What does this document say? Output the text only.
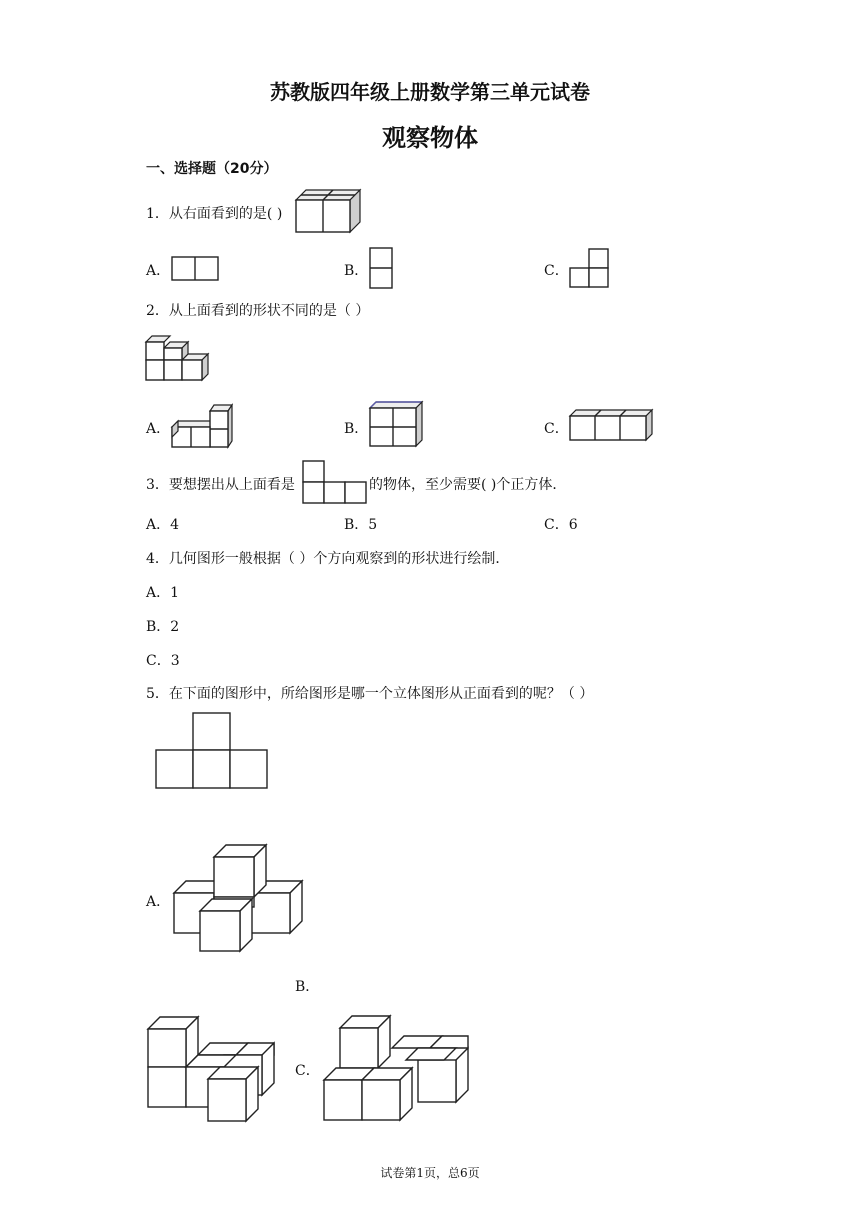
苏教版四年级上册数学第三单元试卷
观察物体
一、选择题（20分）
1．从右面看到的是( )
A．	B．	C．
2．从上面看到的形状不同的是（ ）
A．	B．	C．
3．要想摆出从上面看是	的物体，至少需要( )个正方体．
A．4	B．5	C．6
4．几何图形一般根据（ ）个方向观察到的形状进行绘制．
A．1
B．2
C．3
5．在下面的图形中，所给图形是哪一个立体图形从正面看到的呢？（ ）
A．
B．
C．
试卷第1页，总6页
